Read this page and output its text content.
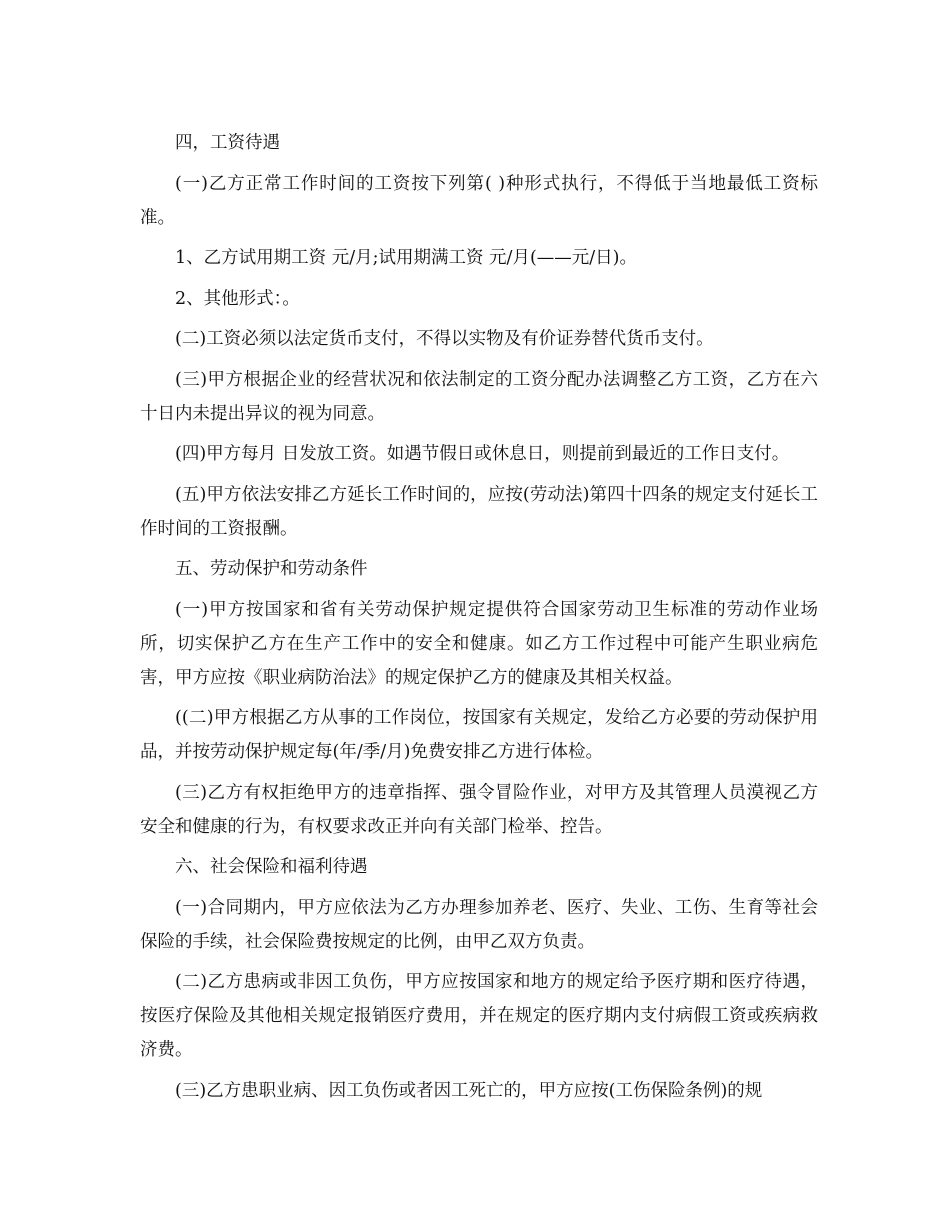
四，工资待遇

(一)乙方正常工作时间的工资按下列第( )种形式执行，不得低于当地最低工资标准。

1、乙方试用期工资 元/月;试用期满工资 元/月(——元/日)。

2、其他形式：。

(二)工资必须以法定货币支付，不得以实物及有价证券替代货币支付。

(三)甲方根据企业的经营状况和依法制定的工资分配办法调整乙方工资，乙方在六十日内未提出异议的视为同意。

(四)甲方每月 日发放工资。如遇节假日或休息日，则提前到最近的工作日支付。

(五)甲方依法安排乙方延长工作时间的，应按(劳动法)第四十四条的规定支付延长工作时间的工资报酬。

五、劳动保护和劳动条件

(一)甲方按国家和省有关劳动保护规定提供符合国家劳动卫生标准的劳动作业场所，切实保护乙方在生产工作中的安全和健康。如乙方工作过程中可能产生职业病危害，甲方应按《职业病防治法》的规定保护乙方的健康及其相关权益。

((二)甲方根据乙方从事的工作岗位，按国家有关规定，发给乙方必要的劳动保护用品，并按劳动保护规定每(年/季/月)免费安排乙方进行体检。

(三)乙方有权拒绝甲方的违章指挥、强令冒险作业，对甲方及其管理人员漠视乙方安全和健康的行为，有权要求改正并向有关部门检举、控告。

六、社会保险和福利待遇

(一)合同期内，甲方应依法为乙方办理参加养老、医疗、失业、工伤、生育等社会保险的手续，社会保险费按规定的比例，由甲乙双方负责。

(二)乙方患病或非因工负伤，甲方应按国家和地方的规定给予医疗期和医疗待遇，按医疗保险及其他相关规定报销医疗费用，并在规定的医疗期内支付病假工资或疾病救济费。

(三)乙方患职业病、因工负伤或者因工死亡的，甲方应按(工伤保险条例)的规
